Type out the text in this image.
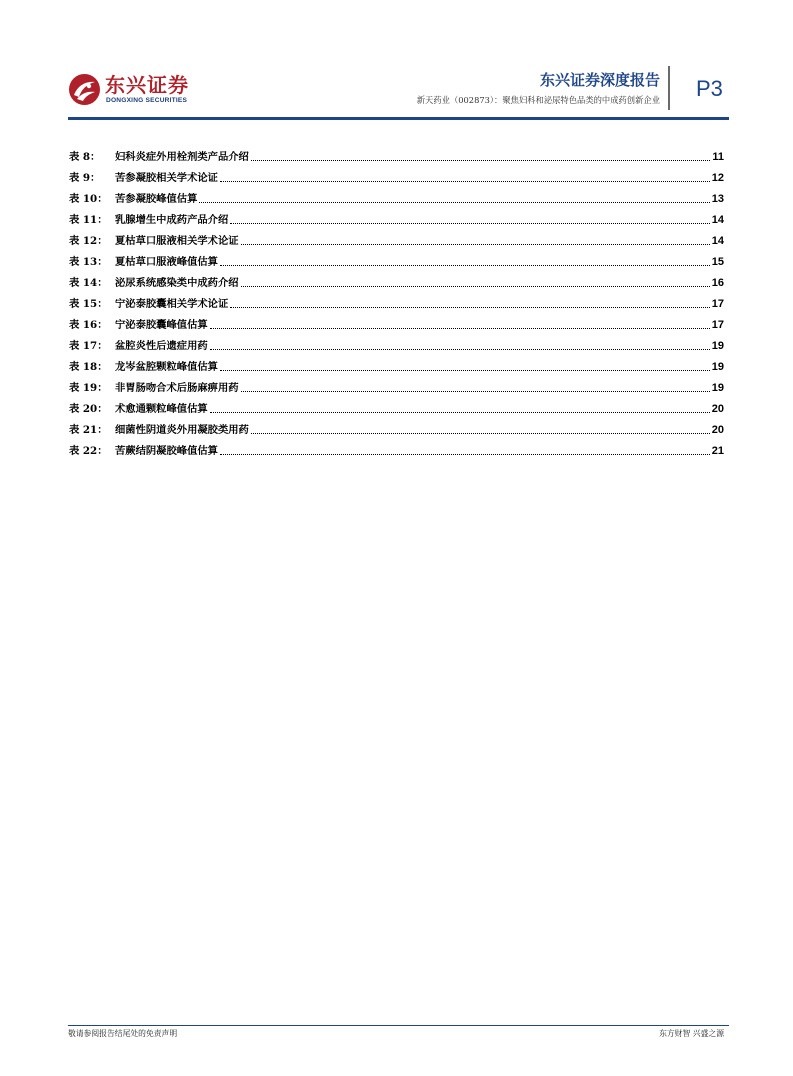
东兴证券
DONGXING SECURITIES
东兴证券深度报告
新天药业（002873）：聚焦妇科和泌尿特色品类的中成药创新企业 P3
表 8：	妇科炎症外用栓剂类产品介绍	11
表 9：	苦参凝胶相关学术论证	12
表 10： 苦参凝胶峰值估算	13
表 11： 乳腺增生中成药产品介绍	14
表 12： 夏枯草口服液相关学术论证	14
表 13： 夏枯草口服液峰值估算	15
表 14： 泌尿系统感染类中成药介绍	16
表 15： 宁泌泰胶囊相关学术论证	17
表 16： 宁泌泰胶囊峰值估算	17
表 17： 盆腔炎性后遗症用药	19
表 18： 龙岑盆腔颗粒峰值估算	19
表 19： 非胃肠吻合术后肠麻痹用药	19
表 20： 术愈通颗粒峰值估算	20
表 21： 细菌性阴道炎外用凝胶类用药	20
表 22： 苦蕨结阴凝胶峰值估算	21
敬请参阅报告结尾处的免责声明	东方财智 兴盛之源
